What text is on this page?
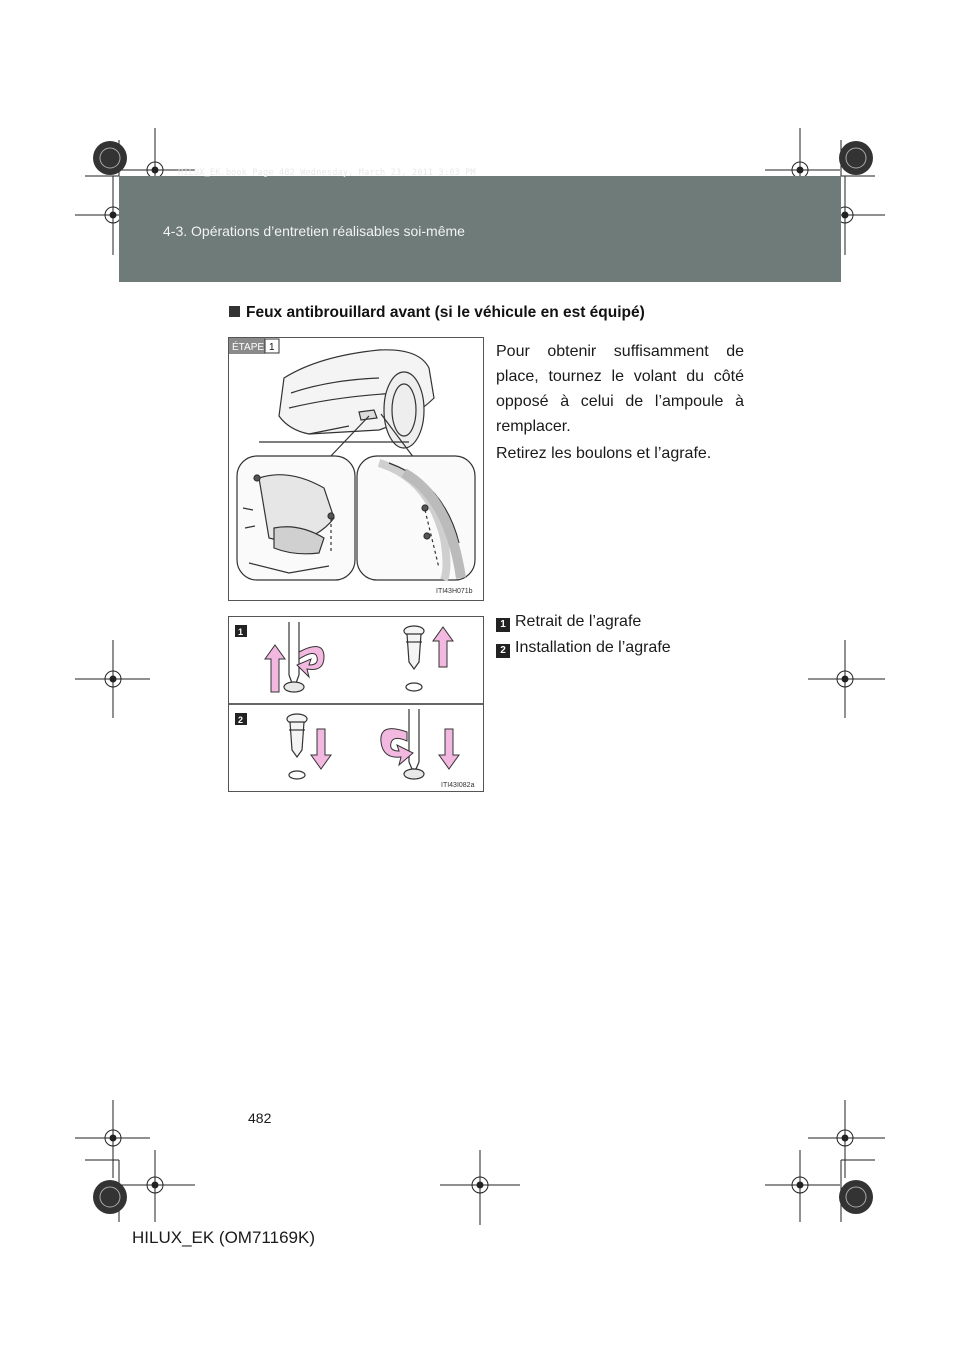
HILUX_EK.book Page 482 Wednesday, March 23, 2011 3:03 PM
4-3. Opérations d’entretien réalisables soi-même
Feux antibrouillard avant (si le véhicule en est équipé)
ÉTAPE 1
ITI43H071b
Pour obtenir suffisamment de place, tournez le volant du côté opposé à celui de l’ampoule à remplacer.
Retirez les boulons et l’agrafe.
1
2
ITI43I082a
1 Retrait de l’agrafe
2 Installation de l’agrafe
482
HILUX_EK (OM71169K)
